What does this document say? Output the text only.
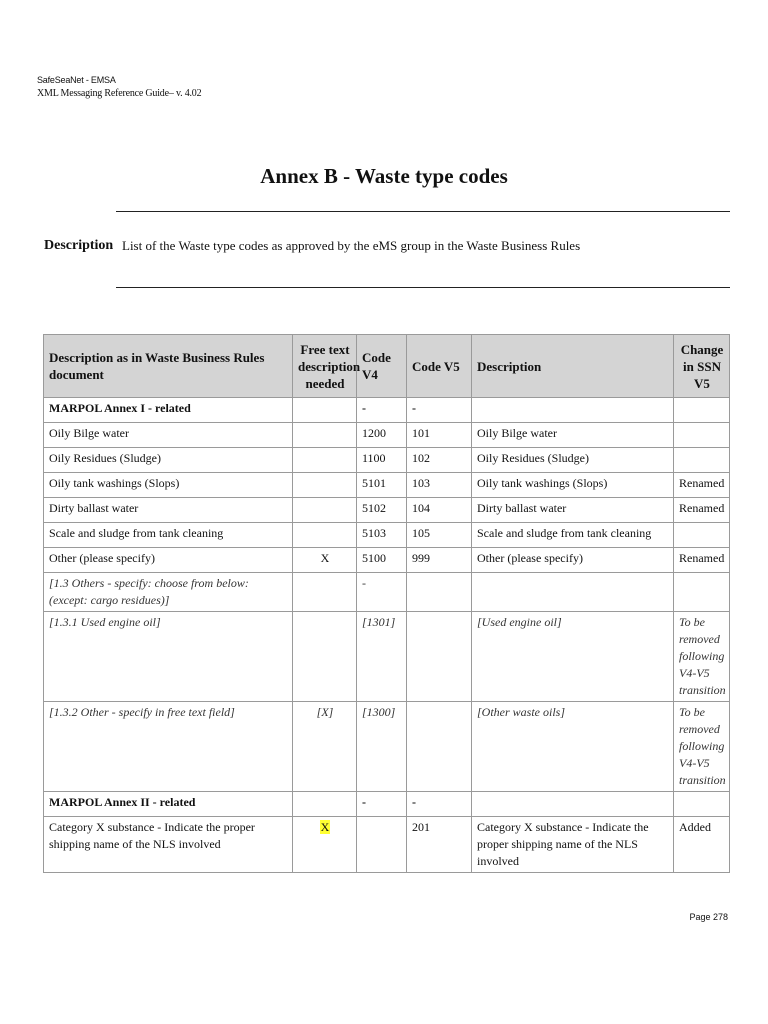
SafeSeaNet - EMSA
XML Messaging Reference Guide– v. 4.02
Annex B - Waste type codes
Description List of the Waste type codes as approved by the eMS group in the Waste Business Rules
Description as in Waste Business Rules document	Free text description needed	Code V4	Code V5	Description	Change in SSN V5
MARPOL Annex I - related		-	-		
Oily Bilge water		1200	101	Oily Bilge water	
Oily Residues (Sludge)		1100	102	Oily Residues (Sludge)	
Oily tank washings (Slops)		5101	103	Oily tank washings (Slops)	Renamed
Dirty ballast water		5102	104	Dirty ballast water	Renamed
Scale and sludge from tank cleaning		5103	105	Scale and sludge from tank cleaning	
Other (please specify)	X	5100	999	Other (please specify)	Renamed
[1.3 Others - specify: choose from below: (except: cargo residues)]		-			
[1.3.1 Used engine oil]		[1301]		[Used engine oil]	To be removed following V4-V5 transition
[1.3.2 Other - specify in free text field]	[X]	[1300]		[Other waste oils]	To be removed following V4-V5 transition
MARPOL Annex II - related		-	-		
Category X substance - Indicate the proper shipping name of the NLS involved	X		201	Category X substance - Indicate the proper shipping name of the NLS involved	Added
Page 278
